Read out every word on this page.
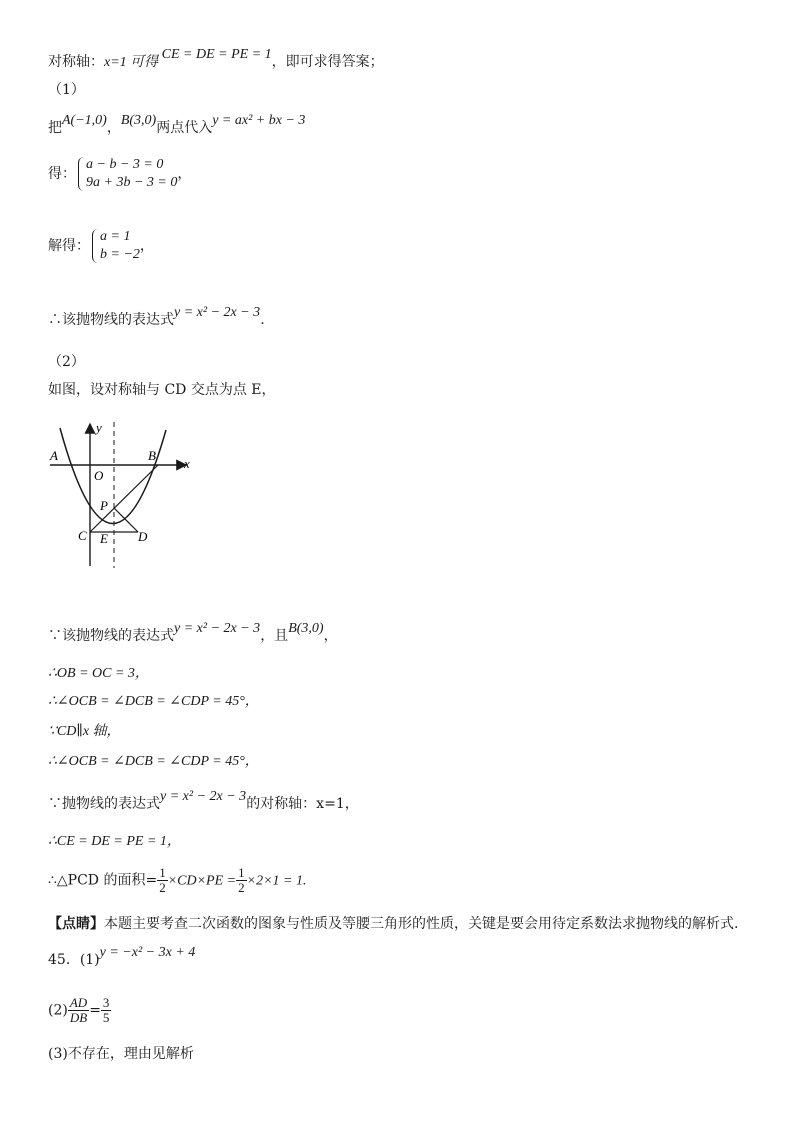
对称轴：x=1 可得 CE = DE = PE = 1，即可求得答案；
（1）
把A(−1,0)，B(3,0)两点代入y = ax² + bx − 3
得：
a − b − 3 = 0
9a + 3b − 3 = 0
，
解得：
a = 1
b = −2
，
∴该抛物线的表达式y = x² − 2x − 3.
（2）
如图，设对称轴与 CD 交点为点 E，
y
x
A
O
B
P
C E D
∵该抛物线的表达式y = x² − 2x − 3，且B(3,0)，
∴OB = OC = 3，
∴∠OCB = ∠DCB = ∠CDP = 45°，
∵CD∥x 轴，
∴∠OCB = ∠DCB = ∠CDP = 45°，
∵抛物线的表达式y = x² − 2x − 3的对称轴：x=1，
∴CE = DE = PE = 1，
∴△PCD 的面积= $\frac{1}{2} \times CD\times PE = \frac{1}{2} \times 2\times 1 = 1$.
【点睛】本题主要考查二次函数的图象与性质及等腰三角形的性质，关键是要会用待定系数法求抛物线的解析式.
45．(1)y = −x² − 3x + 4
$(2) \frac{AD}{DB} = \frac{3}{5}$
(3)不存在，理由见解析
